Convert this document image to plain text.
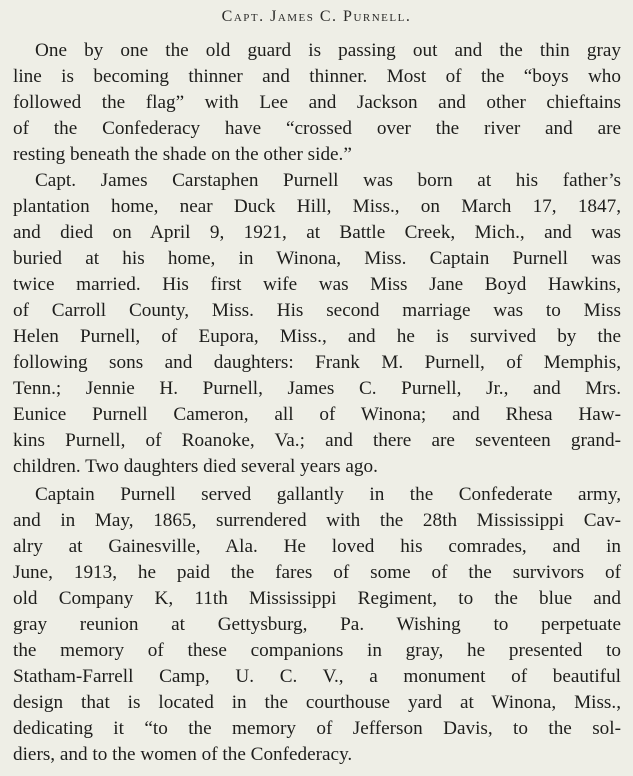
Capt. James C. Purnell.
One by one the old guard is passing out and the thin gray
line is becoming thinner and thinner. Most of the “boys who
followed the flag” with Lee and Jackson and other chieftains
of the Confederacy have “crossed over the river and are
resting beneath the shade on the other side.”
Capt. James Carstaphen Purnell was born at his father’s
plantation home, near Duck Hill, Miss., on March 17, 1847,
and died on April 9, 1921, at Battle Creek, Mich., and was
buried at his home, in Winona, Miss. Captain Purnell was
twice married. His first wife was Miss Jane Boyd Hawkins,
of Carroll County, Miss. His second marriage was to Miss
Helen Purnell, of Eupora, Miss., and he is survived by the
following sons and daughters: Frank M. Purnell, of Memphis,
Tenn.; Jennie H. Purnell, James C. Purnell, Jr., and Mrs.
Eunice Purnell Cameron, all of Winona; and Rhesa Haw-
kins Purnell, of Roanoke, Va.; and there are seventeen grand-
children. Two daughters died several years ago.
Captain Purnell served gallantly in the Confederate army,
and in May, 1865, surrendered with the 28th Mississippi Cav-
alry at Gainesville, Ala. He loved his comrades, and in
June, 1913, he paid the fares of some of the survivors of
old Company K, 11th Mississippi Regiment, to the blue and
gray reunion at Gettysburg, Pa. Wishing to perpetuate
the memory of these companions in gray, he presented to
Statham-Farrell Camp, U. C. V., a monument of beautiful
design that is located in the courthouse yard at Winona, Miss.,
dedicating it “to the memory of Jefferson Davis, to the sol-
diers, and to the women of the Confederacy.
